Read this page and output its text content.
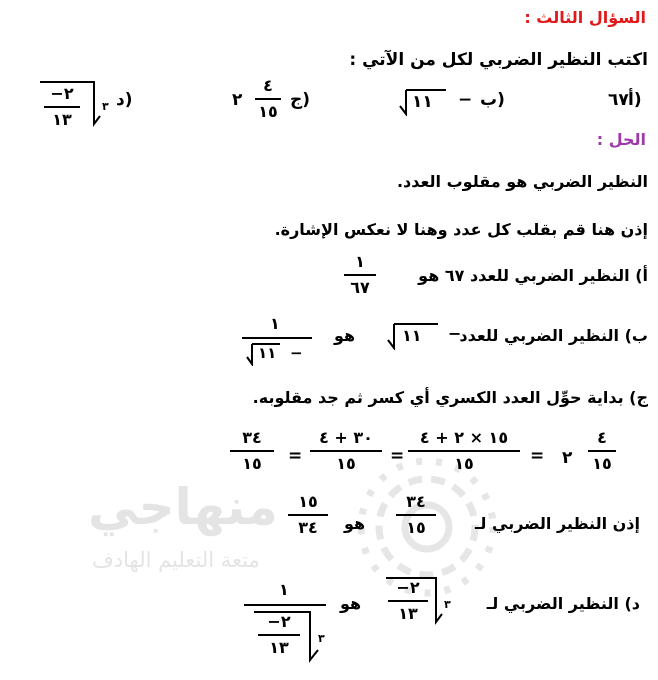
منهاجي
متعة التعليم الهادف
السؤال الثالث :
اكتب النظير الضربي لكل من الآتي :
أ)
٦٧
ب)
−
١١
ج)
٤
١٥
٢
د)
٣
−٢
١٣
الحل :
النظير الضربي هو مقلوب العدد.
إذن هنا قم بقلب كل عدد وهنا لا نعكس الإشارة.
أ) النظير الضربي للعدد ٦٧ هو
١
٦٧
ب) النظير الضربي للعدد
−
١١
هو
١
١١ −
ج) بداية حوِّل العدد الكسري أي كسر ثم جد مقلوبه.
٤
١٥
٢
=
١٥ × ٢ + ٤
١٥
=
٣٠ + ٤
١٥
=
٣٤
١٥
إذن النظير الضربي لـ
٣٤
١٥
هو
١٥
٣٤
د) النظير الضربي لـ
٣
−٢
١٣
هو
١
٣
−٢
١٣
